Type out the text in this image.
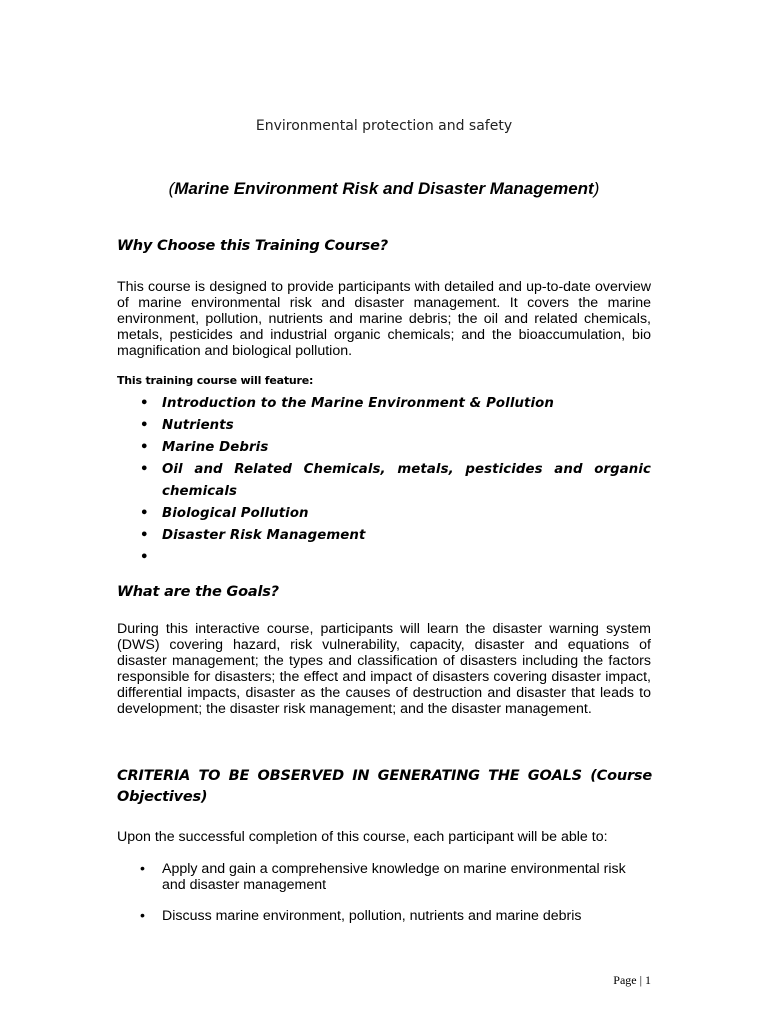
Environmental protection and safety
(Marine Environment Risk and Disaster Management)
Why Choose this Training Course?

This course is designed to provide participants with detailed and up-to-date overview of marine environmental risk and disaster management. It covers the marine environment, pollution, nutrients and marine debris; the oil and related chemicals, metals, pesticides and industrial organic chemicals; and the bioaccumulation, bio magnification and biological pollution.

This training course will feature:
• Introduction to the Marine Environment & Pollution
• Nutrients
• Marine Debris
• Oil and Related Chemicals, metals, pesticides and organic chemicals
• Biological Pollution
• Disaster Risk Management
•

What are the Goals?

During this interactive course, participants will learn the disaster warning system (DWS) covering hazard, risk vulnerability, capacity, disaster and equations of disaster management; the types and classification of disasters including the factors responsible for disasters; the effect and impact of disasters covering disaster impact, differential impacts, disaster as the causes of destruction and disaster that leads to development; the disaster risk management; and the disaster management.

CRITERIA TO BE OBSERVED IN GENERATING THE GOALS (Course Objectives)

Upon the successful completion of this course, each participant will be able to:

• Apply and gain a comprehensive knowledge on marine environmental risk and disaster management
• Discuss marine environment, pollution, nutrients and marine debris
Page | 1
